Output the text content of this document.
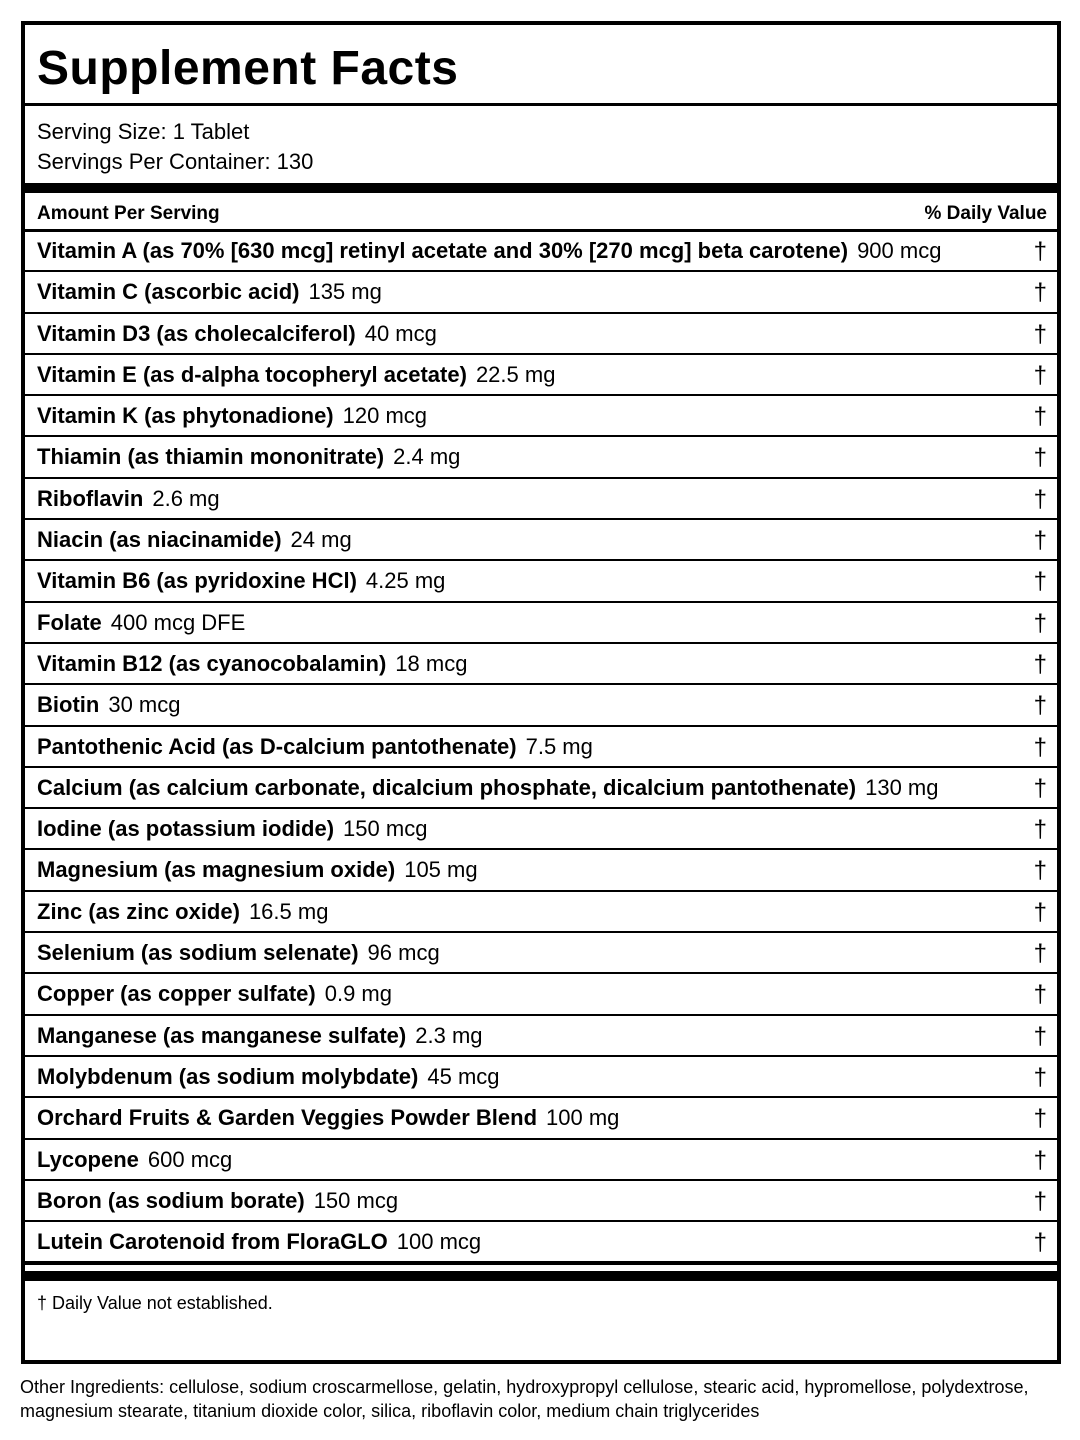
Supplement Facts
Serving Size: 1 Tablet
Servings Per Container: 130
Amount Per Serving	% Daily Value
Vitamin A (as 70% [630 mcg] retinyl acetate and 30% [270 mcg] beta carotene) 900 mcg	†
Vitamin C (ascorbic acid) 135 mg	†
Vitamin D3 (as cholecalciferol) 40 mcg	†
Vitamin E (as d-alpha tocopheryl acetate) 22.5 mg	†
Vitamin K (as phytonadione) 120 mcg	†
Thiamin (as thiamin mononitrate) 2.4 mg	†
Riboflavin 2.6 mg	†
Niacin (as niacinamide) 24 mg	†
Vitamin B6 (as pyridoxine HCl) 4.25 mg	†
Folate 400 mcg DFE	†
Vitamin B12 (as cyanocobalamin) 18 mcg	†
Biotin 30 mcg	†
Pantothenic Acid (as D-calcium pantothenate) 7.5 mg	†
Calcium (as calcium carbonate, dicalcium phosphate, dicalcium pantothenate) 130 mg	†
Iodine (as potassium iodide) 150 mcg	†
Magnesium (as magnesium oxide) 105 mg	†
Zinc (as zinc oxide) 16.5 mg	†
Selenium (as sodium selenate) 96 mcg	†
Copper (as copper sulfate) 0.9 mg	†
Manganese (as manganese sulfate) 2.3 mg	†
Molybdenum (as sodium molybdate) 45 mcg	†
Orchard Fruits & Garden Veggies Powder Blend 100 mg	†
Lycopene 600 mcg	†
Boron (as sodium borate) 150 mcg	†
Lutein Carotenoid from FloraGLO 100 mcg	†
† Daily Value not established.
Other Ingredients: cellulose, sodium croscarmellose, gelatin, hydroxypropyl cellulose, stearic acid, hypromellose, polydextrose, magnesium stearate, titanium dioxide color, silica, riboflavin color, medium chain triglycerides
